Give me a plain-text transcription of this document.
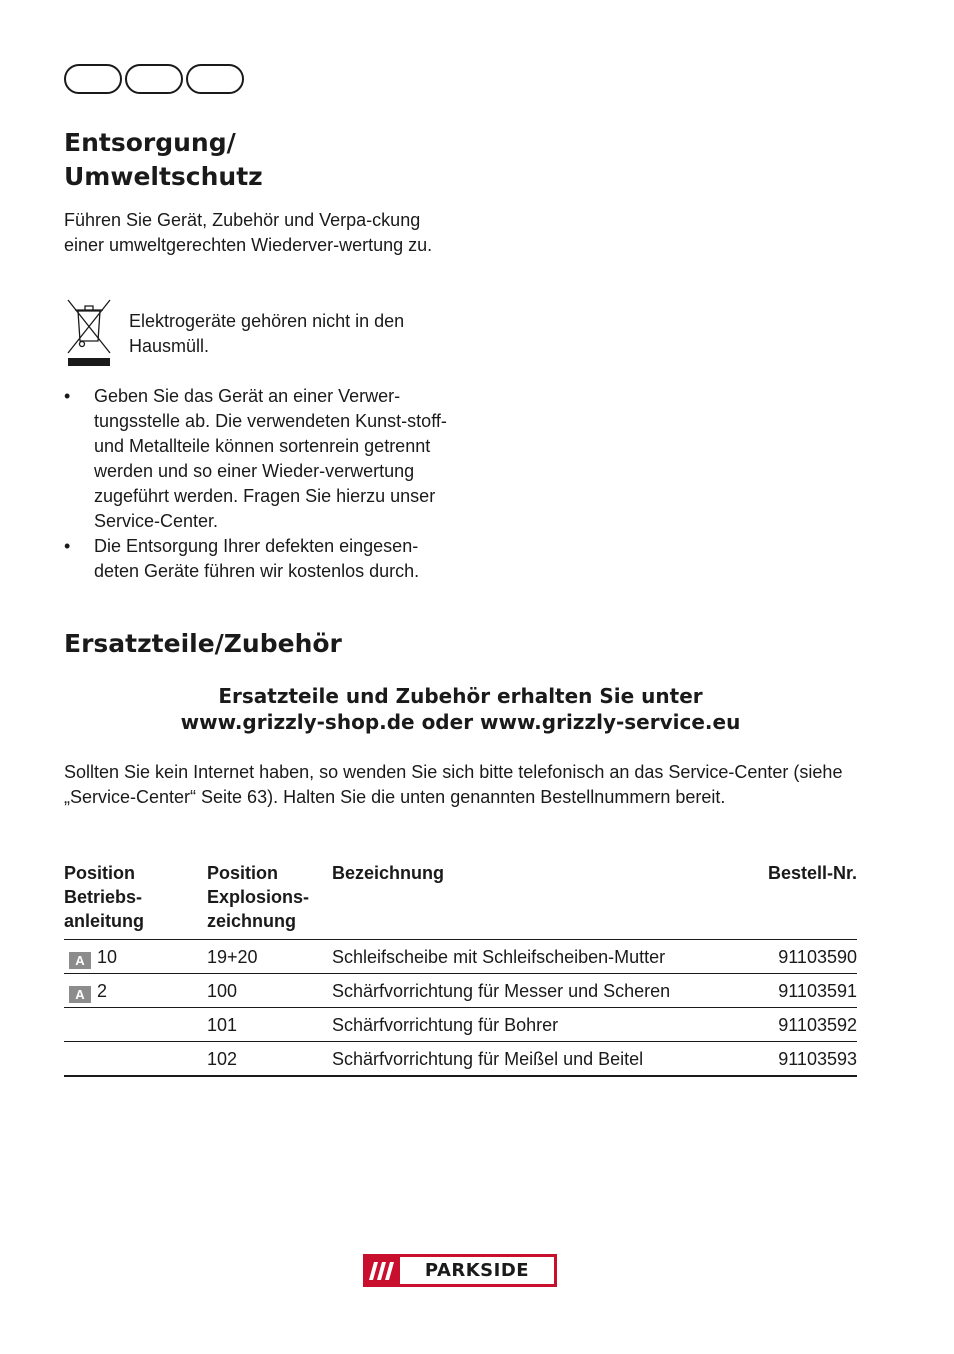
Entsorgung/
Umweltschutz

Führen Sie Gerät, Zubehör und Verpa-ckung einer umweltgerechten Wiederver-wertung zu.

Elektrogeräte gehören nicht in den Hausmüll.

• Geben Sie das Gerät an einer Verwer-tungsstelle ab. Die verwendeten Kunst-stoff- und Metallteile können sortenrein getrennt werden und so einer Wieder-verwertung zugeführt werden. Fragen Sie hierzu unser Service-Center.
• Die Entsorgung Ihrer defekten eingesen-deten Geräte führen wir kostenlos durch.
Ersatzteile/Zubehör
Ersatzteile und Zubehör erhalten Sie unter
www.grizzly-shop.de oder www.grizzly-service.eu

Sollten Sie kein Internet haben, so wenden Sie sich bitte telefonisch an das Service-Center (siehe „Service-Center“ Seite 63). Halten Sie die unten genannten Bestellnummern bereit.

Position
Betriebs-
anleitung	Position
Explosions-
zeichnung	Bezeichnung	Bestell-Nr.
A 10	19+20	Schleifscheibe mit Schleifscheiben-Mutter	91103590
A 2	100	Schärfvorrichtung für Messer und Scheren	91103591
	101	Schärfvorrichtung für Bohrer	91103592
	102	Schärfvorrichtung für Meißel und Beitel	91103593
PARKSIDE
